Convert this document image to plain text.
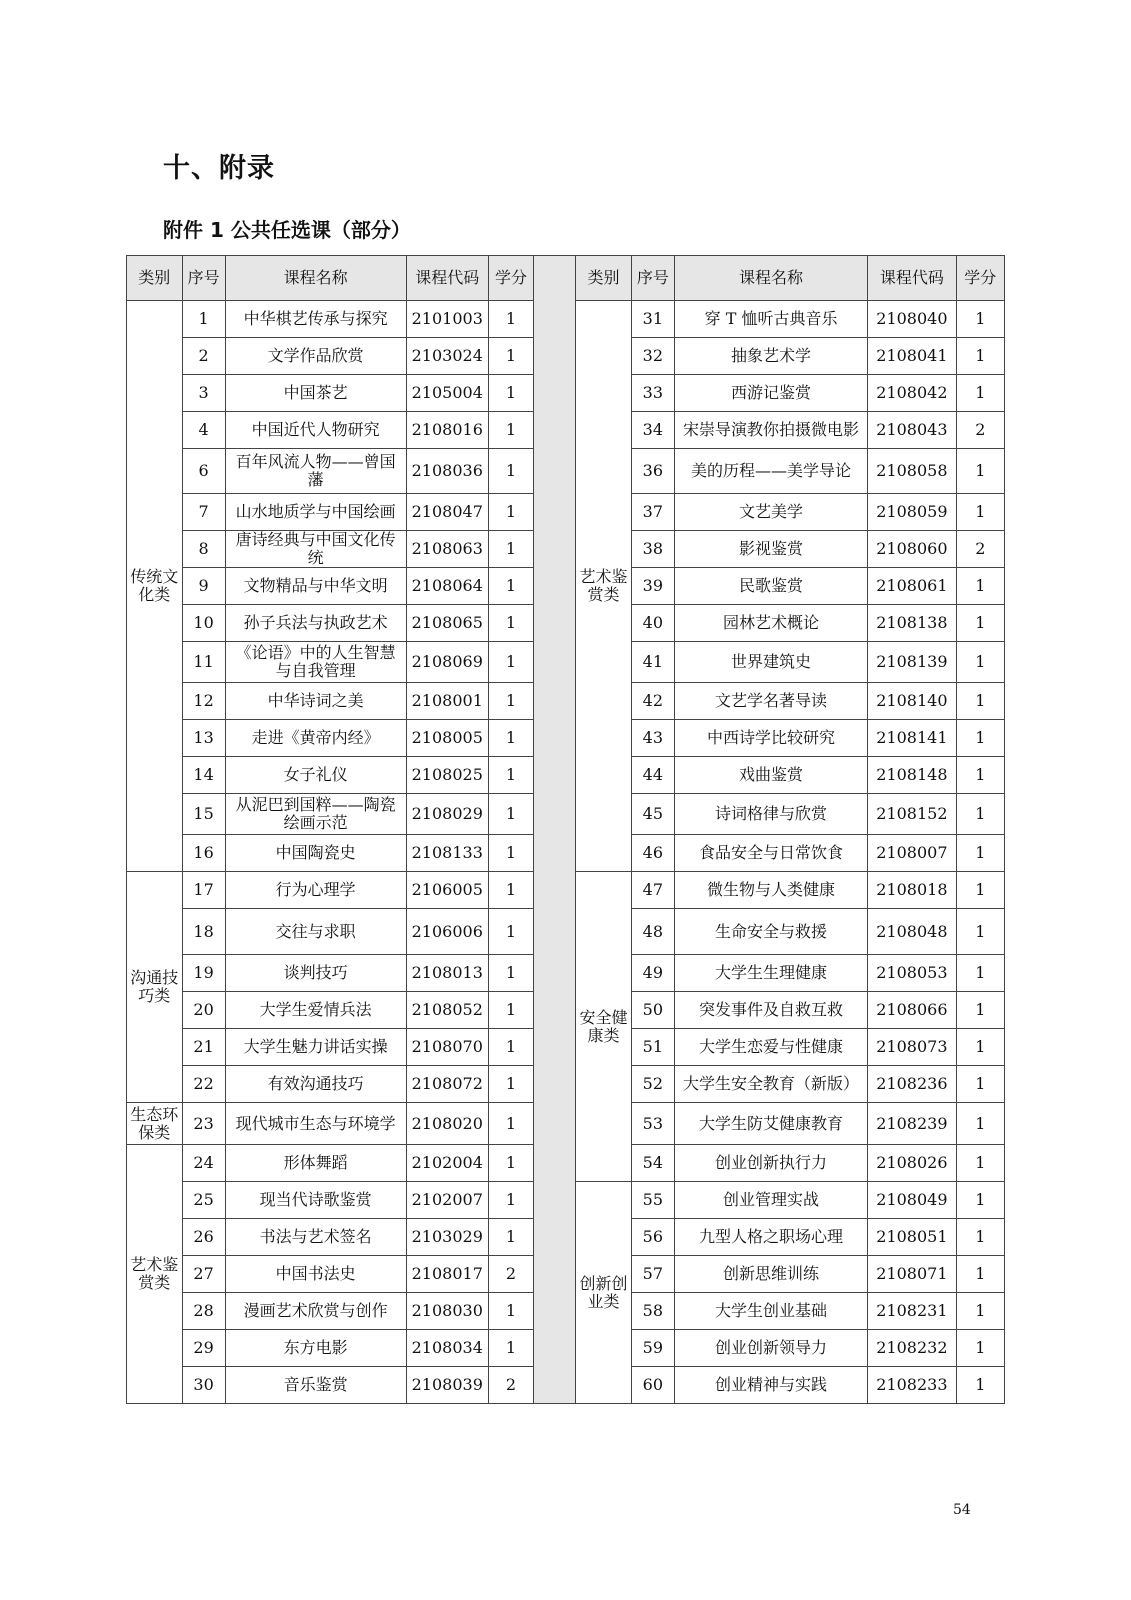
十、附录
附件 1 公共任选课（部分）
类别	序号	课程名称	课程代码	学分		类别	序号	课程名称	课程代码	学分
传统文化类	1	中华棋艺传承与探究	2101003	1		艺术鉴赏类	31	穿 T 恤听古典音乐	2108040	1
	2	文学作品欣赏	2103024	1			32	抽象艺术学	2108041	1
	3	中国茶艺	2105004	1			33	西游记鉴赏	2108042	1
	4	中国近代人物研究	2108016	1			34	宋崇导演教你拍摄微电影	2108043	2
	6	百年风流人物——曾国藩	2108036	1			36	美的历程——美学导论	2108058	1
	7	山水地质学与中国绘画	2108047	1			37	文艺美学	2108059	1
	8	唐诗经典与中国文化传统	2108063	1			38	影视鉴赏	2108060	2
	9	文物精品与中华文明	2108064	1			39	民歌鉴赏	2108061	1
	10	孙子兵法与执政艺术	2108065	1			40	园林艺术概论	2108138	1
	11	《论语》中的人生智慧与自我管理	2108069	1			41	世界建筑史	2108139	1
	12	中华诗词之美	2108001	1			42	文艺学名著导读	2108140	1
	13	走进《黄帝内经》	2108005	1			43	中西诗学比较研究	2108141	1
	14	女子礼仪	2108025	1			44	戏曲鉴赏	2108148	1
	15	从泥巴到国粹——陶瓷绘画示范	2108029	1			45	诗词格律与欣赏	2108152	1
	16	中国陶瓷史	2108133	1			46	食品安全与日常饮食	2108007	1
沟通技巧类	17	行为心理学	2106005	1		安全健康类	47	微生物与人类健康	2108018	1
	18	交往与求职	2106006	1			48	生命安全与救援	2108048	1
	19	谈判技巧	2108013	1			49	大学生生理健康	2108053	1
	20	大学生爱情兵法	2108052	1			50	突发事件及自救互救	2108066	1
	21	大学生魅力讲话实操	2108070	1			51	大学生恋爱与性健康	2108073	1
	22	有效沟通技巧	2108072	1			52	大学生安全教育（新版）	2108236	1
生态环保类	23	现代城市生态与环境学	2108020	1			53	大学生防艾健康教育	2108239	1
艺术鉴赏类	24	形体舞蹈	2102004	1			54	创业创新执行力	2108026	1
	25	现当代诗歌鉴赏	2102007	1		创新创业类	55	创业管理实战	2108049	1
	26	书法与艺术签名	2103029	1			56	九型人格之职场心理	2108051	1
	27	中国书法史	2108017	2			57	创新思维训练	2108071	1
	28	漫画艺术欣赏与创作	2108030	1			58	大学生创业基础	2108231	1
	29	东方电影	2108034	1			59	创业创新领导力	2108232	1
	30	音乐鉴赏	2108039	2			60	创业精神与实践	2108233	1
54
